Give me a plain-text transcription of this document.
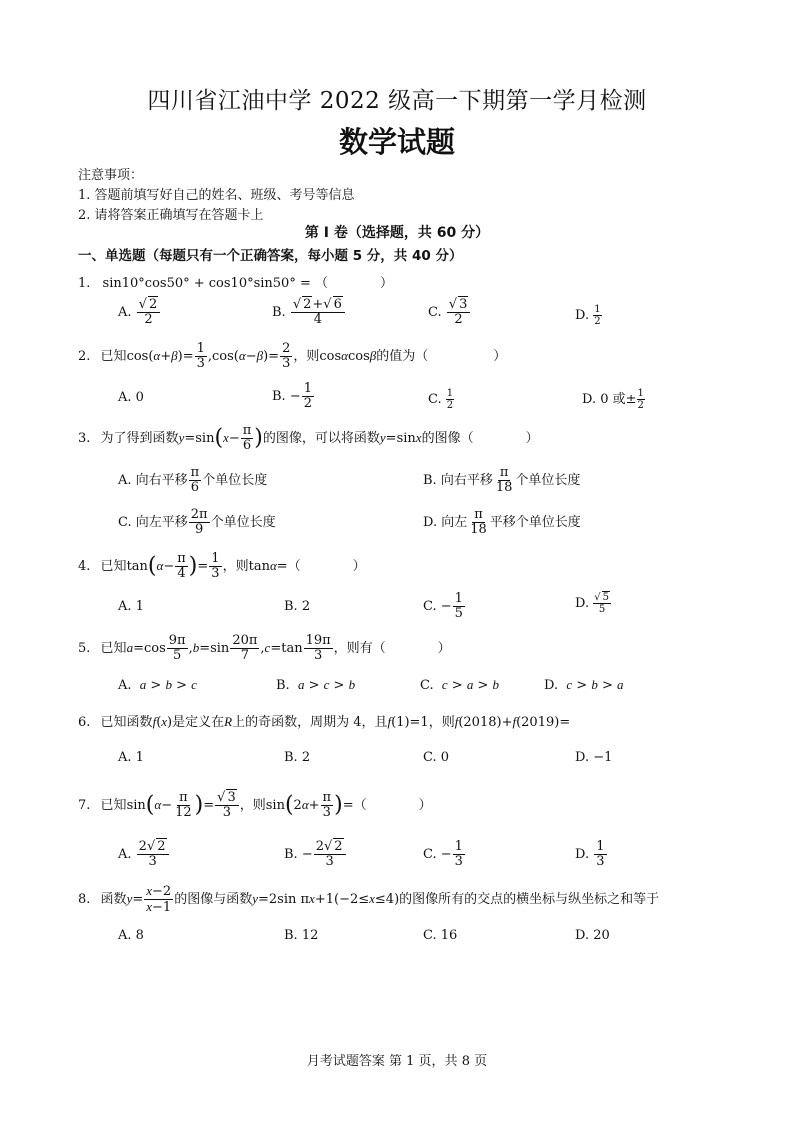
四川省江油中学 2022 级高一下期第一学月检测
数学试题
注意事项：
1. 答题前填写好自己的姓名、班级、考号等信息
2. 请将答案正确填写在答题卡上
第 I 卷（选择题，共 60 分）
一、单选题（每题只有一个正确答案，每小题 5 分，共 40 分）
1. sin10°cos50° + cos10°sin50° = （　　　　）
A. $\frac{√ 2}{2}$	B. $\frac{√ 2+√ 6}{4}$	C. $\frac{√ 3}{2}$	D. $\frac{1}{2}$
2. 已知$\cos(\alpha+\beta)= \frac{1}{3} ,\cos(\alpha-\beta)= \frac{2}{3}$ ，则cosαcosβ的值为（　　　　　）
A. 0	B. − $\frac{1}{2}$	C. $\frac{1}{2}$	D. 0 或± $\frac{1}{2}$
3. 为了得到函数$y=\sin(x- \frac{\pi}{6}$ )的图像，可以将函数y=sinx的图像（　　　　）
A. 向右平移 $\frac{\pi}{6}$ 个单位长度	B. 向右平移 $\frac{\pi}{18}$ 个单位长度
C. 向左平移 $\frac{2\pi}{9}$ 个单位长度	D. 向左 $\frac{\pi}{18}$ 平移个单位长度
4. 已知$\tan(\alpha- \frac{\pi}{4}$ )= $\frac{1}{3}$ ，则tanα=（　　　　）
A. 1	B. 2	C. − $\frac{1}{5}$	D. $\frac{√ 5}{5}$
5. 已知$a=\cos \frac{9\pi}{5} ,b=\sin \frac{20\pi}{7} ,c=\tan \frac{19\pi}{3}$ ，则有（　　　　）
A. a > b > c	B. a > c > b	C. c > a > b	D. c > b > a
6. 已知函数f(x)是定义在R上的奇函数，周期为 4，且f(1)=1，则f(2018)+f(2019)=
A. 1	B. 2	C. 0	D. −1
7. 已知$\sin(\alpha- \frac{\pi}{12}$ )= $\frac{√ 3}{3}$ ，则$\sin(2\alpha+ \frac{\pi}{3}$ )=（　　　　）
A. $\frac{2√ 2}{3}$	B. − $\frac{2√ 2}{3}$	C. − $\frac{1}{3}$	D. $\frac{1}{3}$
8. 函数$y= \frac{x-2}{x-1}$ 的图像与函数y=2sin πx+1(−2≤x≤4)的图像所有的交点的横坐标与纵坐标之和等于
A. 8	B. 12	C. 16	D. 20
月考试题答案 第 1 页，共 8 页
